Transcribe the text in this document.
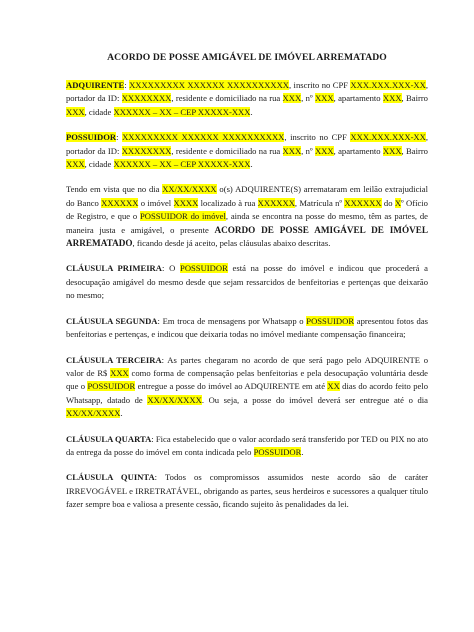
ACORDO DE POSSE AMIGÁVEL DE IMÓVEL ARREMATADO

ADQUIRENTE: XXXXXXXXX XXXXXX XXXXXXXXXX, inscrito no CPF XXX.XXX.XXX-XX, portador da ID: XXXXXXXX, residente e domiciliado na rua XXX, nº XXX, apartamento XXX, Bairro XXX, cidade XXXXXX – XX – CEP XXXXX-XXX.

POSSUIDOR: XXXXXXXXX XXXXXX XXXXXXXXXX, inscrito no CPF XXX.XXX.XXX-XX, portador da ID: XXXXXXXX, residente e domiciliado na rua XXX, nº XXX, apartamento XXX, Bairro XXX, cidade XXXXXX – XX – CEP XXXXX-XXX.

Tendo em vista que no dia XX/XX/XXXX o(s) ADQUIRENTE(S) arremataram em leilão extrajudicial do Banco XXXXXX o imóvel XXXX localizado à rua XXXXXX, Matrícula nº XXXXXX do Xº Ofício de Registro, e que o POSSUIDOR do imóvel, ainda se encontra na posse do mesmo, têm as partes, de maneira justa e amigável, o presente ACORDO DE POSSE AMIGÁVEL DE IMÓVEL ARREMATADO, ficando desde já aceito, pelas cláusulas abaixo descritas.

CLÁUSULA PRIMEIRA: O POSSUIDOR está na posse do imóvel e indicou que procederá a desocupação amigável do mesmo desde que sejam ressarcidos de benfeitorias e pertenças que deixarão no mesmo;

CLÁUSULA SEGUNDA: Em troca de mensagens por Whatsapp o POSSUIDOR apresentou fotos das benfeitorias e pertenças, e indicou que deixaria todas no imóvel mediante compensação financeira;

CLÁUSULA TERCEIRA: As partes chegaram no acordo de que será pago pelo ADQUIRENTE o valor de R$ XXX como forma de compensação pelas benfeitorias e pela desocupação voluntária desde que o POSSUIDOR entregue a posse do imóvel ao ADQUIRENTE em até XX dias do acordo feito pelo Whatsapp, datado de XX/XX/XXXX. Ou seja, a posse do imóvel deverá ser entregue até o dia XX/XX/XXXX.

CLÁUSULA QUARTA: Fica estabelecido que o valor acordado será transferido por TED ou PIX no ato da entrega da posse do imóvel em conta indicada pelo POSSUIDOR.

CLÁUSULA QUINTA: Todos os compromissos assumidos neste acordo são de caráter IRREVOGÁVEL e IRRETRATÁVEL, obrigando as partes, seus herdeiros e sucessores a qualquer título fazer sempre boa e valiosa a presente cessão, ficando sujeito às penalidades da lei.
